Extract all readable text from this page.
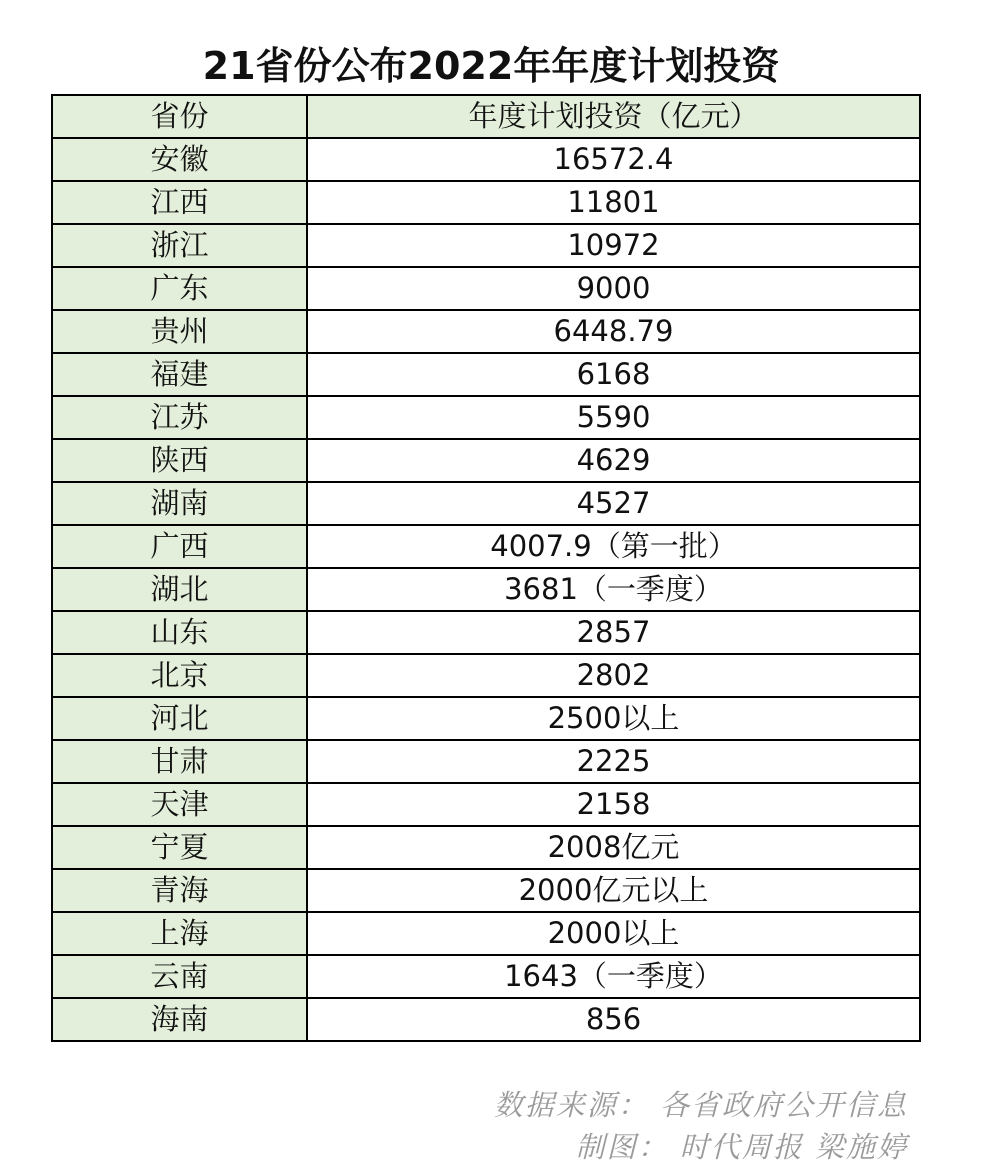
21省份公布2022年年度计划投资
省份	年度计划投资（亿元）
安徽	16572.4
江西	11801
浙江	10972
广东	9000
贵州	6448.79
福建	6168
江苏	5590
陕西	4629
湖南	4527
广西	4007.9（第一批）
湖北	3681（一季度）
山东	2857
北京	2802
河北	2500以上
甘肃	2225
天津	2158
宁夏	2008亿元
青海	2000亿元以上
上海	2000以上
云南	1643（一季度）
海南	856
数据来源： 各省政府公开信息
制图： 时代周报 梁施婷
